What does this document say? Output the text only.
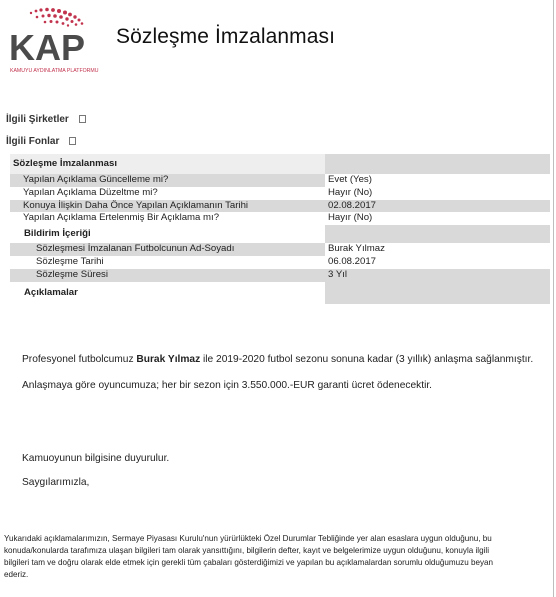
KAP
KAMUYU AYDINLATMA PLATFORMU
Sözleşme İmzalanması
İlgili Şirketler
İlgili Fonlar
Sözleşme İmzalanması
Yapılan Açıklama Güncelleme mi?	Evet (Yes)
Yapılan Açıklama Düzeltme mi?	Hayır (No)
Konuya İlişkin Daha Önce Yapılan Açıklamanın Tarihi	02.08.2017
Yapılan Açıklama Ertelenmiş Bir Açıklama mı?	Hayır (No)
Bildirim İçeriği
Sözleşmesi İmzalanan Futbolcunun Ad-Soyadı	Burak Yılmaz
Sözleşme Tarihi	06.08.2017
Sözleşme Süresi	3 Yıl
Açıklamalar
Profesyonel futbolcumuz Burak Yılmaz ile 2019-2020 futbol sezonu sonuna kadar (3 yıllık) anlaşma sağlanmıştır.
Anlaşmaya göre oyuncumuza; her bir sezon için 3.550.000.-EUR garanti ücret ödenecektir.
Kamuoyunun bilgisine duyurulur.
Saygılarımızla,
Yukarıdaki açıklamalarımızın, Sermaye Piyasası Kurulu'nun yürürlükteki Özel Durumlar Tebliğinde yer alan esaslara uygun olduğunu, bu
konuda/konularda tarafımıza ulaşan bilgileri tam olarak yansıttığını, bilgilerin defter, kayıt ve belgelerimize uygun olduğunu, konuyla ilgili
bilgileri tam ve doğru olarak elde etmek için gerekli tüm çabaları gösterdiğimizi ve yapılan bu açıklamalardan sorumlu olduğumuzu beyan
ederiz.
